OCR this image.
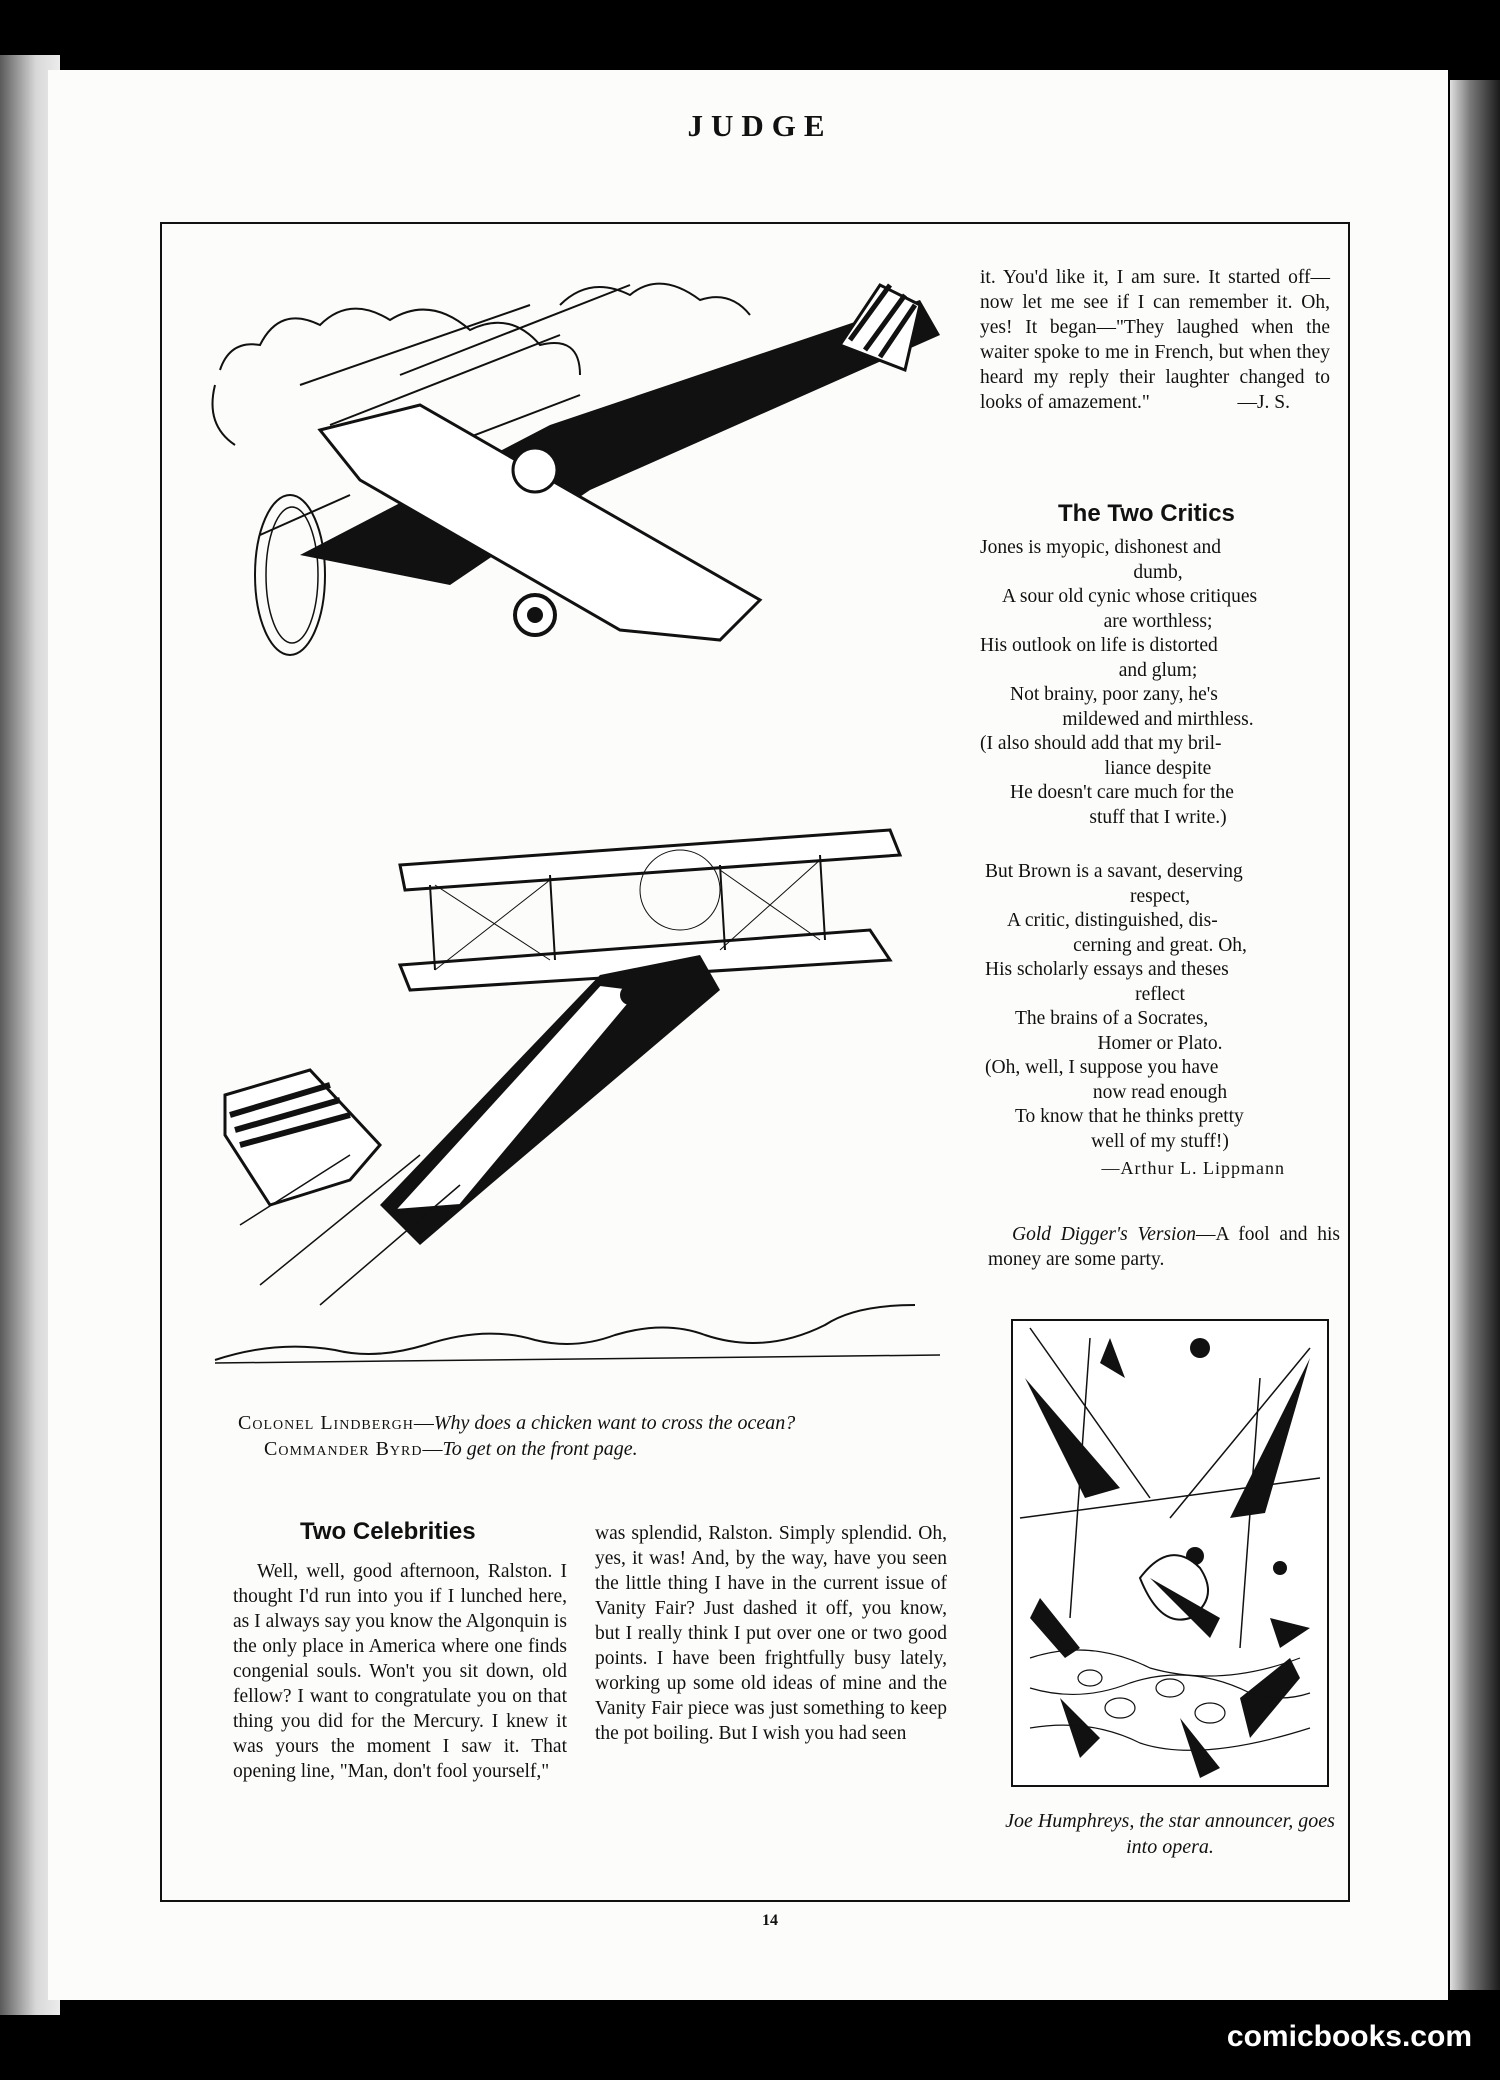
JUDGE
Colonel Lindbergh—Why does a chicken want to cross the ocean?
Commander Byrd—To get on the front page.
Two Celebrities

Well, well, good afternoon, Ralston. I thought I'd run into you if I lunched here, as I always say you know the Algonquin is the only place in America where one finds congenial souls. Won't you sit down, old fellow? I want to congratulate you on that thing you did for the Mercury. I knew it was yours the moment I saw it. That opening line, "Man, don't fool yourself,"

was splendid, Ralston. Simply splendid. Oh, yes, it was! And, by the way, have you seen the little thing I have in the current issue of Vanity Fair? Just dashed it off, you know, but I really think I put over one or two good points. I have been frightfully busy lately, working up some old ideas of mine and the Vanity Fair piece was just something to keep the pot boiling. But I wish you had seen

it. You'd like it, I am sure. It started off—now let me see if I can remember it. Oh, yes! It began—"They laughed when the waiter spoke to me in French, but when they heard my reply their laughter changed to looks of amazement."	—J. S.

The Two Critics
Jones is myopic, dishonest and
dumb,
A sour old cynic whose critiques
are worthless;
His outlook on life is distorted
and glum;
Not brainy, poor zany, he's
mildewed and mirthless.
(I also should add that my bril-
liance despite
He doesn't care much for the
stuff that I write.)
But Brown is a savant, deserving
respect,
A critic, distinguished, dis-
cerning and great. Oh,
His scholarly essays and theses
reflect
The brains of a Socrates,
Homer or Plato.
(Oh, well, I suppose you have
now read enough
To know that he thinks pretty
well of my stuff!)
—Arthur L. Lippmann
Gold Digger's Version—A fool and his money are some party.
Joe Humphreys, the star announcer, goes into opera.
14
comicbooks.com
